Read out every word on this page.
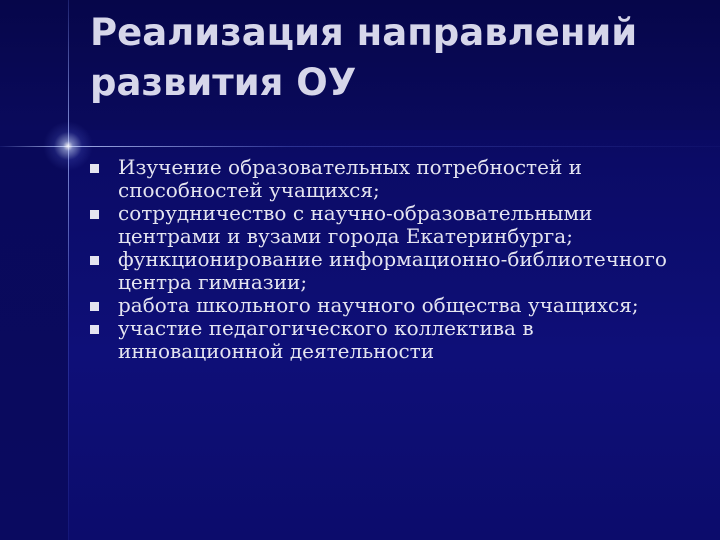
Реализация направлений
развития ОУ
Изучение образовательных потребностей и
способностей учащихся;
сотрудничество с научно-образовательными
центрами и вузами города Екатеринбурга;
функционирование информационно-библиотечного
центра гимназии;
работа школьного научного общества учащихся;
участие педагогического коллектива в
инновационной деятельности
